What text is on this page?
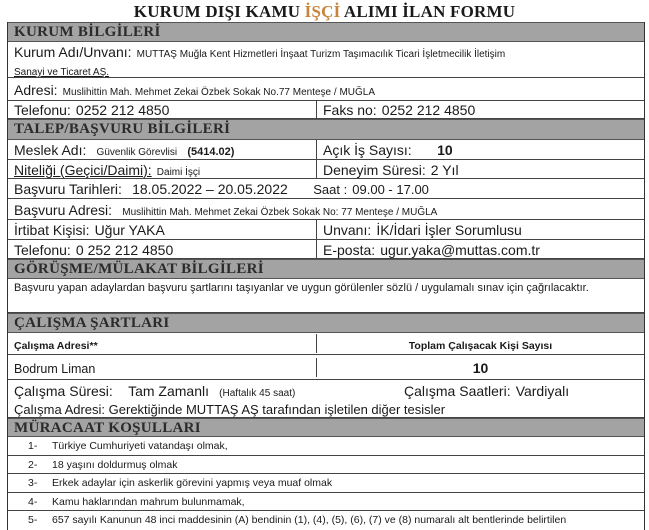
KURUM DIŞI KAMU İŞÇİ ALIMI İLAN FORMU
KURUM BİLGİLERİ
Kurum Adı/Unvanı: MUTTAŞ Muğla Kent Hizmetleri İnşaat Turizm Taşımacılık Ticari İşletmecilik İletişim
Sanayi ve Ticaret AŞ.
Adresi: Muslihittin Mah. Mehmet Zekai Özbek Sokak No.77 Menteşe / MUĞLA
Telefonu: 0252 212 4850	Faks no: 0252 212 4850
TALEP/BAŞVURU BİLGİLERİ
Meslek Adı: Güvenlik Görevlisi (5414.02)	Açık İş Sayısı: 10
Niteliği (Geçici/Daimi): Daimi İşçi	Deneyim Süresi: 2 Yıl
Başvuru Tarihleri: 18.05.2022 – 20.05.2022 Saat : 09.00 - 17.00
Başvuru Adresi: Muslihittin Mah. Mehmet Zekai Özbek Sokak No: 77 Menteşe / MUĞLA
İrtibat Kişisi: Uğur YAKA	Unvanı: İK/İdari İşler Sorumlusu
Telefonu: 0 252 212 4850	E-posta: ugur.yaka@muttas.com.tr
GÖRÜŞME/MÜLAKAT BİLGİLERİ
Başvuru yapan adaylardan başvuru şartlarını taşıyanlar ve uygun görülenler sözlü / uygulamalı sınav için çağrılacaktır.
ÇALIŞMA ŞARTLARI
Çalışma Adresi**	Toplam Çalışacak Kişi Sayısı
Bodrum Liman	10
Çalışma Süresi: Tam Zamanlı (Haftalık 45 saat)	Çalışma Saatleri: Vardiyalı
Çalışma Adresi: Gerektiğinde MUTTAŞ AŞ tarafından işletilen diğer tesisler
MÜRACAAT KOŞULLARI
1- Türkiye Cumhuriyeti vatandaşı olmak,
2- 18 yaşını doldurmuş olmak
3- Erkek adaylar için askerlik görevini yapmış veya muaf olmak
4- Kamu haklarından mahrum bulunmamak,
5- 657 sayılı Kanunun 48 inci maddesinin (A) bendinin (1), (4), (5), (6), (7) ve (8) numaralı alt bentlerinde belirtilen
